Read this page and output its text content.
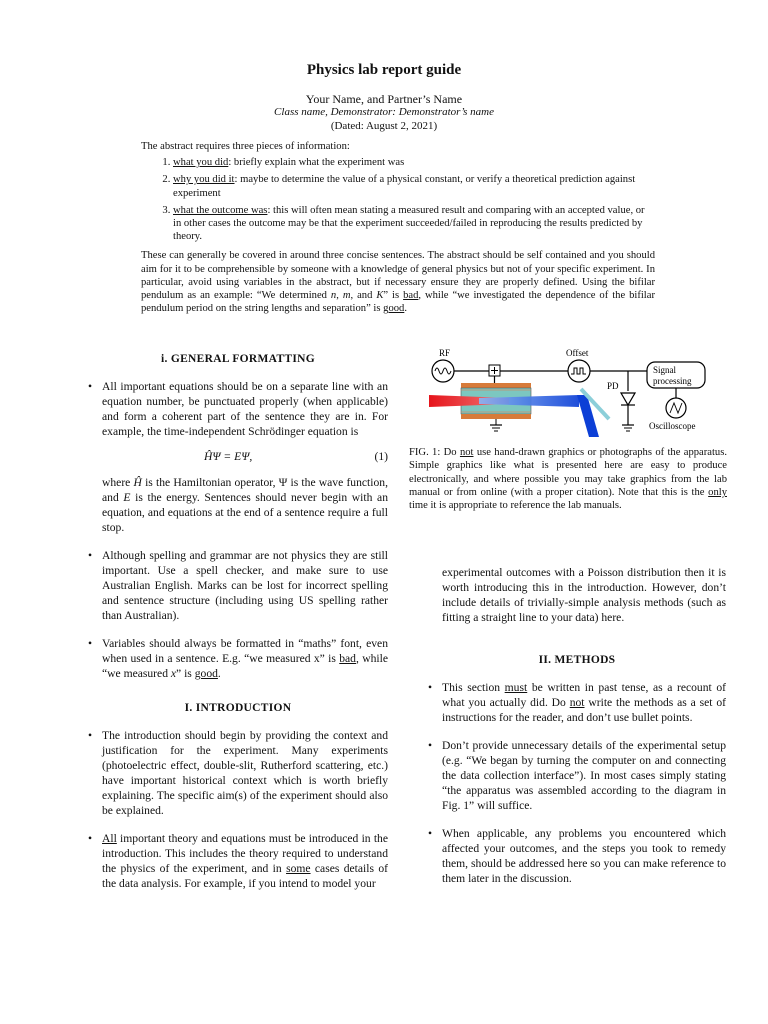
Physics lab report guide
Your Name, and Partner’s Name
Class name, Demonstrator: Demonstrator’s name
(Dated: August 2, 2021)

The abstract requires three pieces of information:

1. what you did: briefly explain what the experiment was
2. why you did it: maybe to determine the value of a physical constant, or verify a theoretical prediction against experiment
3. what the outcome was: this will often mean stating a measured result and comparing with an accepted value, or in other cases the outcome may be that the experiment succeeded/failed in reproducing the results predicted by theory.

These can generally be covered in around three concise sentences. The abstract should be self contained and you should aim for it to be comprehensible by someone with a knowledge of general physics but not of your specific experiment. In particular, avoid using variables in the abstract, but if necessary ensure they are properly defined. Using the bifilar pendulum as an example: “We determined n, m, and K” is bad, while “we investigated the dependence of the bifilar pendulum period on the string lengths and separation” is good.

i. GENERAL FORMATTING
• All important equations should be on a separate line with an equation number, be punctuated properly (when applicable) and form a coherent part of the sentence they are in. For example, the time-independent Schrödinger equation is
ĤΨ = EΨ,	(1)
where Ĥ is the Hamiltonian operator, Ψ is the wave function, and E is the energy. Sentences should never begin with an equation, and equations at the end of a sentence require a full stop.
• Although spelling and grammar are not physics they are still important. Use a spell checker, and make sure to use Australian English. Marks can be lost for incorrect spelling and sentence structure (including using US spelling rather than Australian).
• Variables should always be formatted in “maths” font, even when used in a sentence. E.g. “we measured x” is bad, while “we measured x” is good.
I. INTRODUCTION
• The introduction should begin by providing the context and justification for the experiment. Many experiments (photoelectric effect, double-slit, Rutherford scattering, etc.) have important historical context which is worth briefly explaining. The specific aim(s) of the experiment should also be explained.
• All important theory and equations must be introduced in the introduction. This includes the theory required to understand the physics of the experiment, and in some cases details of the data analysis. For example, if you intend to model your
RF	Offset
Signal
processing
PD
Oscilloscope
FIG. 1: Do not use hand-drawn graphics or photographs of the apparatus. Simple graphics like what is presented here are easy to produce electronically, and where possible you may take graphics from the lab manual or from online (with a proper citation). Note that this is the only time it is appropriate to reference the lab manuals.
experimental outcomes with a Poisson distribution then it is worth introducing this in the introduction. However, don’t include details of trivially-simple analysis methods (such as fitting a straight line to your data) here.
II. METHODS
• This section must be written in past tense, as a recount of what you actually did. Do not write the methods as a set of instructions for the reader, and don’t use bullet points.
• Don’t provide unnecessary details of the experimental setup (e.g. “We began by turning the computer on and connecting the data collection interface”). In most cases simply stating “the apparatus was assembled according to the diagram in Fig. 1” will suffice.
• When applicable, any problems you encountered which affected your outcomes, and the steps you took to remedy them, should be addressed here so you can make reference to them later in the discussion.
